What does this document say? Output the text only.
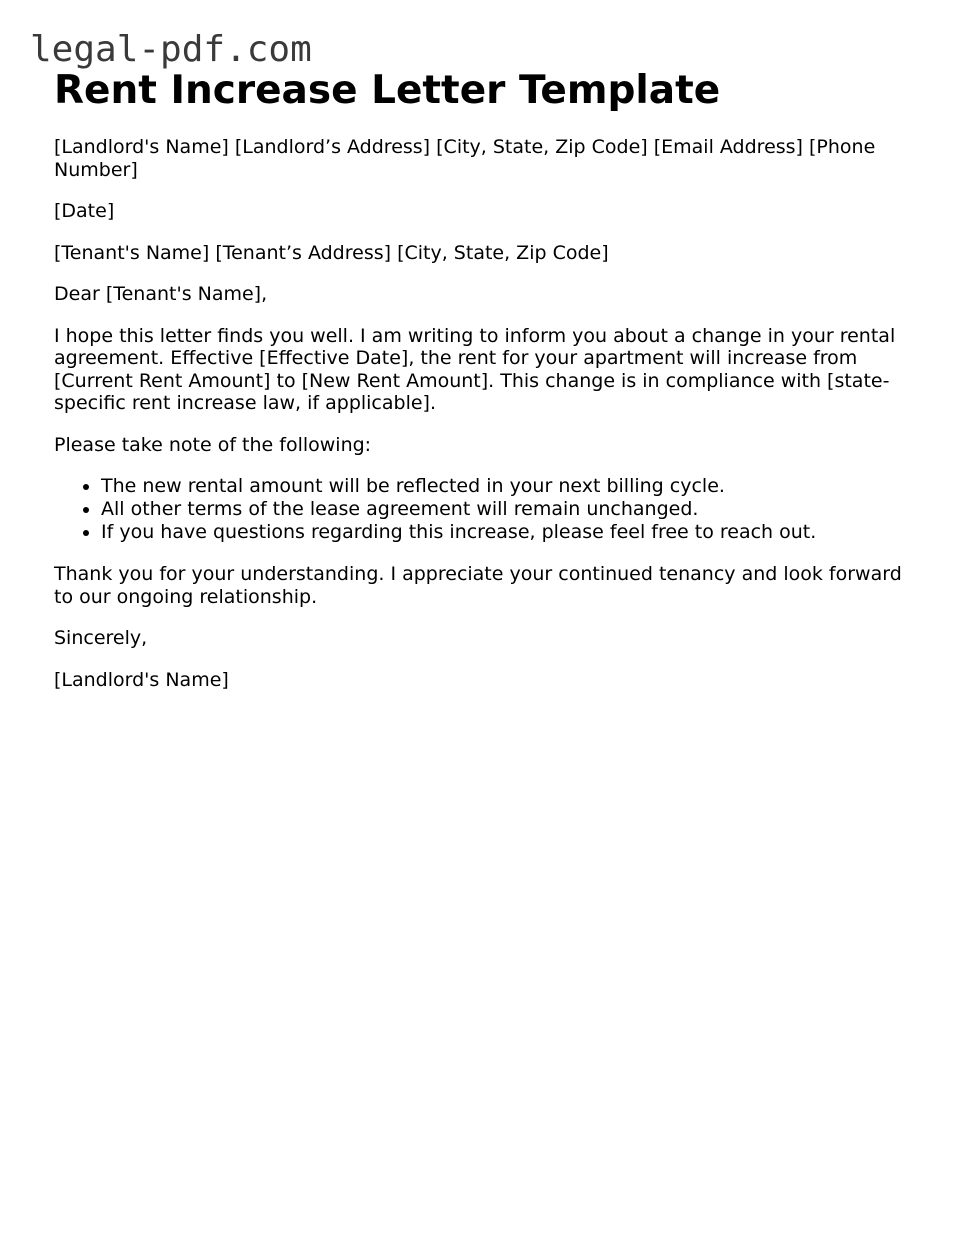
legal-pdf.com
Rent Increase Letter Template

[Landlord's Name] [Landlord’s Address] [City, State, Zip Code] [Email Address] [Phone Number]

[Date]

[Tenant's Name] [Tenant’s Address] [City, State, Zip Code]

Dear [Tenant's Name],

I hope this letter finds you well. I am writing to inform you about a change in your rental agreement. Effective [Effective Date], the rent for your apartment will increase from [Current Rent Amount] to [New Rent Amount]. This change is in compliance with [state-specific rent increase law, if applicable].

Please take note of the following:

• The new rental amount will be reflected in your next billing cycle.
• All other terms of the lease agreement will remain unchanged.
• If you have questions regarding this increase, please feel free to reach out.

Thank you for your understanding. I appreciate your continued tenancy and look forward to our ongoing relationship.

Sincerely,

[Landlord's Name]
